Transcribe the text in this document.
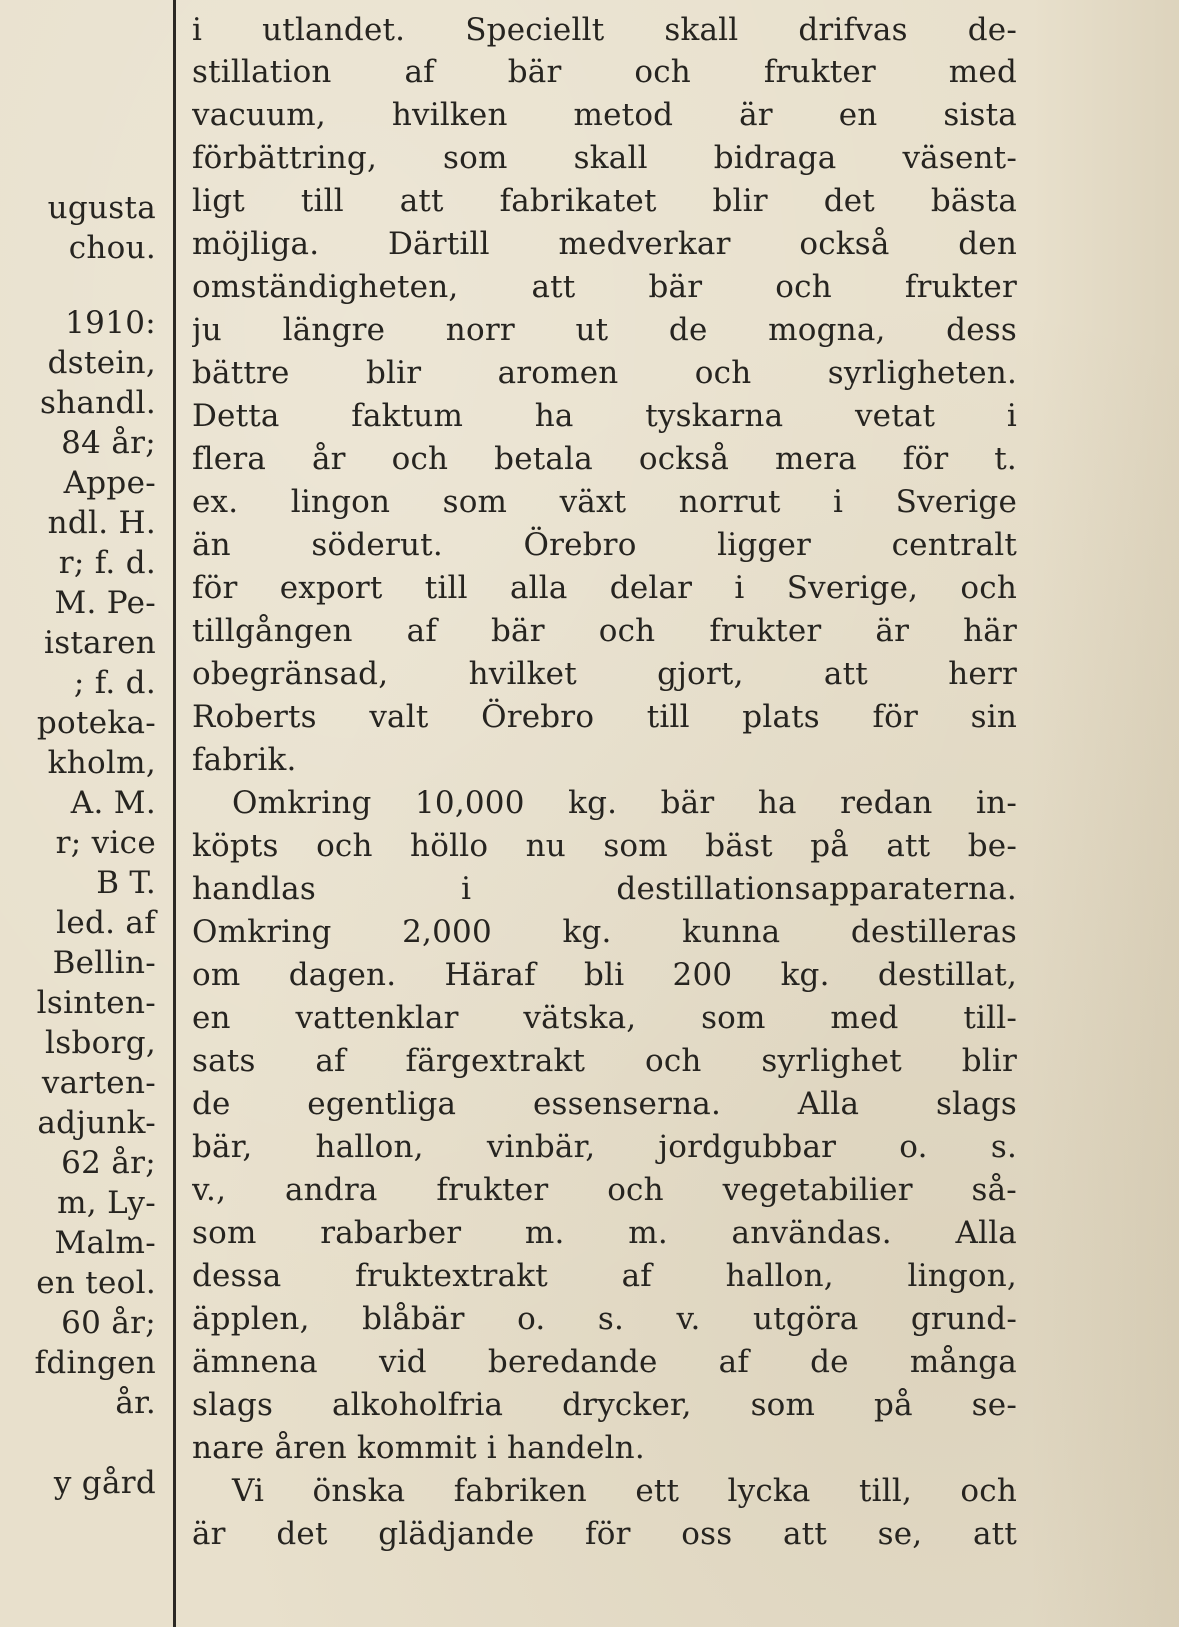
ugusta
chou.
1910:
dstein,
shandl.
84 år;
Appe-
ndl. H.
r; f. d.
M. Pe-
istaren
; f. d.
poteka-
kholm,
A. M.
r; vice
B T.
led. af
Bellin-
lsinten-
lsborg,
varten-
adjunk-
62 år;
m, Ly-
Malm-
en teol.
60 år;
fdingen
år.
y gård
i utlandet. Speciellt skall drifvas de-
stillation af bär och frukter med
vacuum, hvilken metod är en sista
förbättring, som skall bidraga väsent-
ligt till att fabrikatet blir det bästa
möjliga. Därtill medverkar också den
omständigheten, att bär och frukter
ju längre norr ut de mogna, dess
bättre blir aromen och syrligheten.
Detta faktum ha tyskarna vetat i
flera år och betala också mera för t.
ex. lingon som växt norrut i Sverige
än söderut. Örebro ligger centralt
för export till alla delar i Sverige, och
tillgången af bär och frukter är här
obegränsad, hvilket gjort, att herr
Roberts valt Örebro till plats för sin
fabrik.
Omkring 10,000 kg. bär ha redan in-
köpts och höllo nu som bäst på att be-
handlas i destillationsapparaterna.
Omkring 2,000 kg. kunna destilleras
om dagen. Häraf bli 200 kg. destillat,
en vattenklar vätska, som med till-
sats af färgextrakt och syrlighet blir
de egentliga essenserna. Alla slags
bär, hallon, vinbär, jordgubbar o. s.
v., andra frukter och vegetabilier så-
som rabarber m. m. användas. Alla
dessa fruktextrakt af hallon, lingon,
äpplen, blåbär o. s. v. utgöra grund-
ämnena vid beredande af de många
slags alkoholfria drycker, som på se-
nare åren kommit i handeln.
Vi önska fabriken ett lycka till, och
är det glädjande för oss att se, att
